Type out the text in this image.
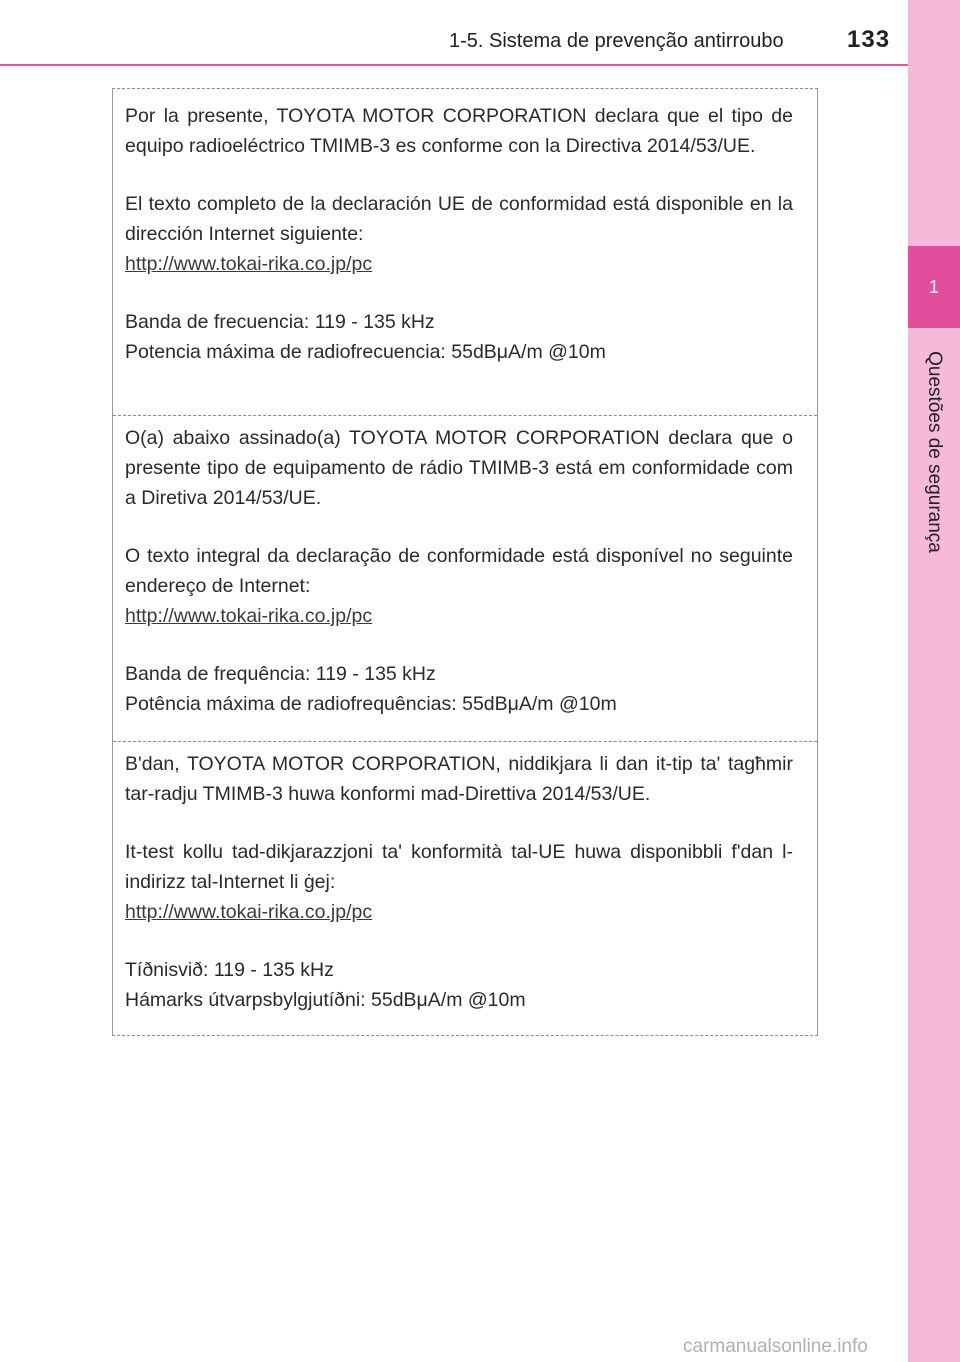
1-5. Sistema de prevenção antirroubo	133
1
Questões de segurança

Por la presente, TOYOTA MOTOR CORPORATION declara que el tipo de equipo radioeléctrico TMIMB-3 es conforme con la Directiva 2014/53/UE.

El texto completo de la declaración UE de conformidad está disponible en la dirección Internet siguiente:

http://www.tokai-rika.co.jp/pc

Banda de frecuencia: 119 - 135 kHz

Potencia máxima de radiofrecuencia: 55dBμA/m @10m

O(a) abaixo assinado(a) TOYOTA MOTOR CORPORATION declara que o presente tipo de equipamento de rádio TMIMB-3 está em conformidade com a Diretiva 2014/53/UE.

O texto integral da declaração de conformidade está disponível no seguinte endereço de Internet:

http://www.tokai-rika.co.jp/pc

Banda de frequência: 119 - 135 kHz

Potência máxima de radiofrequências: 55dBμA/m @10m

B'dan, TOYOTA MOTOR CORPORATION, niddikjara li dan it-tip ta' tagħmir tar-radju TMIMB-3 huwa konformi mad-Direttiva 2014/53/UE.

It-test kollu tad-dikjarazzjoni ta' konformità tal-UE huwa disponibbli f'dan l-indirizz tal-Internet li ġej:

http://www.tokai-rika.co.jp/pc

Tíðnisvið: 119 - 135 kHz

Hámarks útvarpsbylgjutíðni: 55dBμA/m @10m

carmanualsonline.info
